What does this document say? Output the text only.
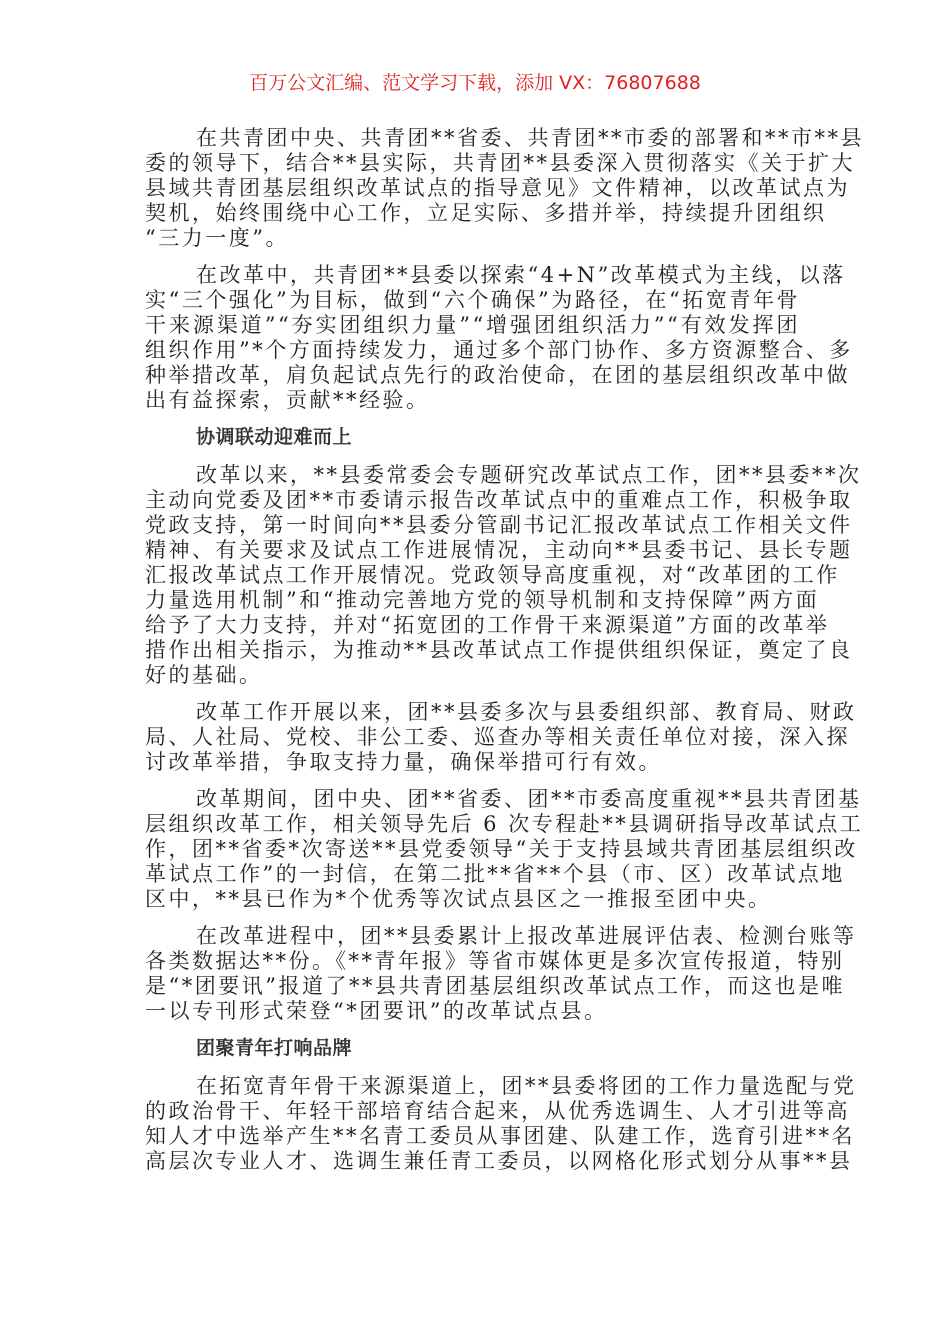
百万公文汇编、范文学习下载，添加 VX：76807688
在共青团中央、共青团**省委、共青团**市委的部署和**市**县
委的领导下，结合**县实际，共青团**县委深入贯彻落实《关于扩大
县域共青团基层组织改革试点的指导意见》文件精神，以改革试点为
契机，始终围绕中心工作，立足实际、多措并举，持续提升团组织
“三力一度”。
在改革中，共青团**县委以探索“4+N”改革模式为主线，以落
实“三个强化”为目标，做到“六个确保”为路径，在“拓宽青年骨
干来源渠道”“夯实团组织力量”“增强团组织活力”“有效发挥团
组织作用”*个方面持续发力，通过多个部门协作、多方资源整合、多
种举措改革，肩负起试点先行的政治使命，在团的基层组织改革中做
出有益探索，贡献**经验。
协调联动迎难而上
改革以来，**县委常委会专题研究改革试点工作，团**县委**次
主动向党委及团**市委请示报告改革试点中的重难点工作，积极争取
党政支持，第一时间向**县委分管副书记汇报改革试点工作相关文件
精神、有关要求及试点工作进展情况，主动向**县委书记、县长专题
汇报改革试点工作开展情况。党政领导高度重视，对“改革团的工作
力量选用机制”和“推动完善地方党的领导机制和支持保障”两方面
给予了大力支持，并对“拓宽团的工作骨干来源渠道”方面的改革举
措作出相关指示，为推动**县改革试点工作提供组织保证，奠定了良
好的基础。
改革工作开展以来，团**县委多次与县委组织部、教育局、财政
局、人社局、党校、非公工委、巡查办等相关责任单位对接，深入探
讨改革举措，争取支持力量，确保举措可行有效。
改革期间，团中央、团**省委、团**市委高度重视**县共青团基
层组织改革工作，相关领导先后 6 次专程赴**县调研指导改革试点工
作，团**省委*次寄送**县党委领导“关于支持县域共青团基层组织改
革试点工作”的一封信，在第二批**省**个县（市、区）改革试点地
区中，**县已作为*个优秀等次试点县区之一推报至团中央。
在改革进程中，团**县委累计上报改革进展评估表、检测台账等
各类数据达**份。《**青年报》等省市媒体更是多次宣传报道，特别
是“*团要讯”报道了**县共青团基层组织改革试点工作，而这也是唯
一以专刊形式荣登“*团要讯”的改革试点县。
团聚青年打响品牌
在拓宽青年骨干来源渠道上，团**县委将团的工作力量选配与党
的政治骨干、年轻干部培育结合起来，从优秀选调生、人才引进等高
知人才中选举产生**名青工委员从事团建、队建工作，选育引进**名
高层次专业人才、选调生兼任青工委员，以网格化形式划分从事**县
